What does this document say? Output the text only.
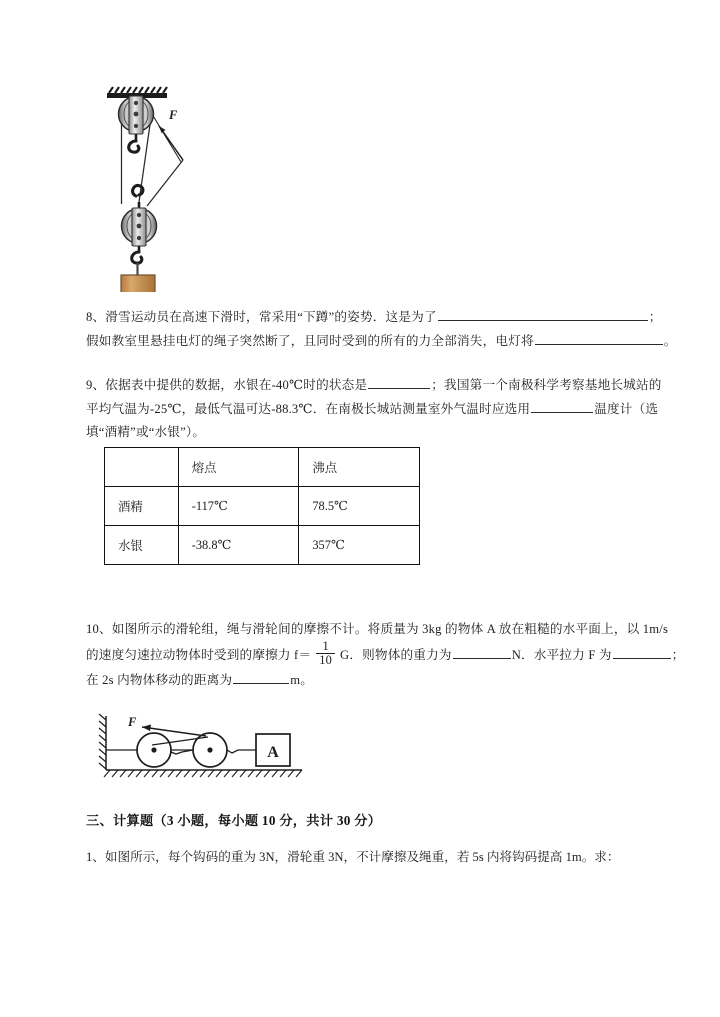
F
8、滑雪运动员在高速下滑时，常采用“下蹲”的姿势．这是为了	；
假如教室里悬挂电灯的绳子突然断了，且同时受到的所有的力全部消失，电灯将	。
9、依据表中提供的数据，水银在-40℃时的状态是	；我国第一个南极科学考察基地长城站的
平均气温为-25℃，最低气温可达-88.3℃．在南极长城站测量室外气温时应选用	温度计（选
填“酒精”或“水银”）。
	熔点	沸点
酒精	-117℃	78.5℃
水银	-38.8℃	357℃
10、如图所示的滑轮组，绳与滑轮间的摩擦不计。将质量为 3kg 的物体 A 放在粗糙的水平面上，以 1m/s
的速度匀速拉动物体时受到的摩擦力 $f= \frac{1}{10}$ G．则物体的重力为	N．水平拉力 F 为	；
在 2s 内物体移动的距离为	m。
A
F
三、计算题（3 小题，每小题 10 分，共计 30 分）
1、如图所示，每个钩码的重为 3N，滑轮重 3N，不计摩擦及绳重，若 5s 内将钩码提高 1m。求：
